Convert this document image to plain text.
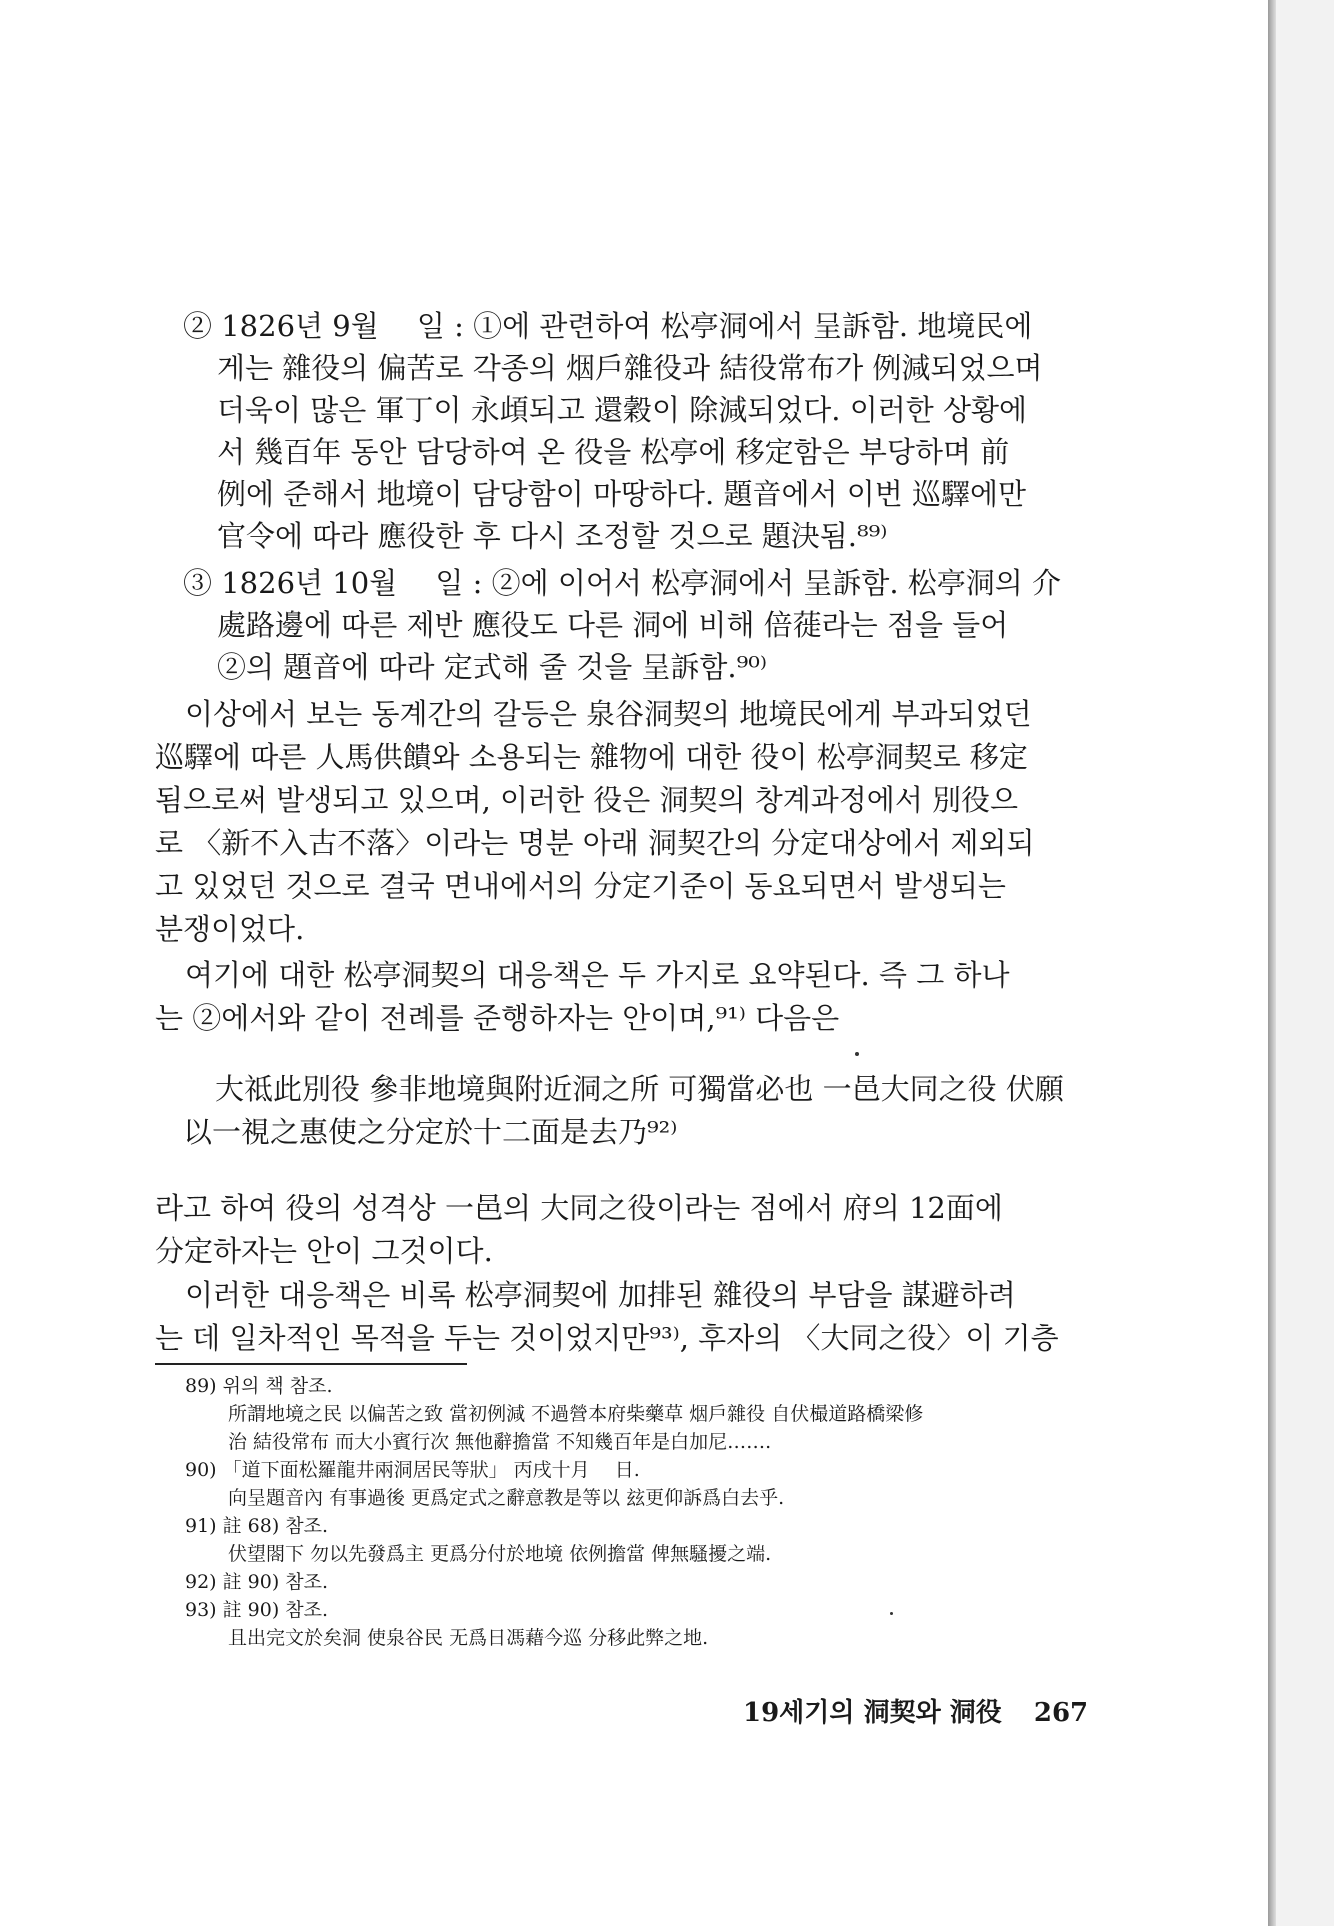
② 1826년 9월 　일 : ①에 관련하여 松亭洞에서 呈訴함. 地境民에
게는 雜役의 偏苦로 각종의 烟戶雜役과 結役常布가 例減되었으며
더욱이 많은 軍丁이 永頉되고 還穀이 除減되었다. 이러한 상황에
서 幾百年 동안 담당하여 온 役을 松亭에 移定함은 부당하며 前
例에 준해서 地境이 담당함이 마땅하다. 題音에서 이번 巡驛에만
官令에 따라 應役한 후 다시 조정할 것으로 題決됨.⁸⁹⁾
③ 1826년 10월 　일 : ②에 이어서 松亭洞에서 呈訴함. 松亭洞의 介
處路邊에 따른 제반 應役도 다른 洞에 비해 倍蓰라는 점을 들어
②의 題音에 따라 定式해 줄 것을 呈訴함.⁹⁰⁾
이상에서 보는 동계간의 갈등은 泉谷洞契의 地境民에게 부과되었던
巡驛에 따른 人馬供饋와 소용되는 雜物에 대한 役이 松亭洞契로 移定
됨으로써 발생되고 있으며, 이러한 役은 洞契의 창계과정에서 別役으
로 〈新不入古不落〉이라는 명분 아래 洞契간의 分定대상에서 제외되
고 있었던 것으로 결국 면내에서의 分定기준이 동요되면서 발생되는
분쟁이었다.
여기에 대한 松亭洞契의 대응책은 두 가지로 요약된다. 즉 그 하나
는 ②에서와 같이 전례를 준행하자는 안이며,⁹¹⁾ 다음은
大祗此別役 參非地境與附近洞之所 可獨當必也 一邑大同之役 伏願
以一視之惠使之分定於十二面是去乃⁹²⁾
라고 하여 役의 성격상 一邑의 大同之役이라는 점에서 府의 12面에
分定하자는 안이 그것이다.
이러한 대응책은 비록 松亭洞契에 加排된 雜役의 부담을 謀避하려
는 데 일차적인 목적을 두는 것이었지만⁹³⁾, 후자의 〈大同之役〉이 기층
89) 위의 책 참조.
所謂地境之民 以偏苦之致 當初例減 不過營本府柴藥草 烟戶雜役 自伏樶道路橋梁修
治 結役常布 而大小賓行次 無他辭擔當 不知幾百年是白加尼…….
90) 「道下面松羅龍井兩洞居民等狀」 丙戌十月 　日.
向呈題音內 有事過後 更爲定式之辭意教是等以 玆更仰訴爲白去乎.
91) 註 68) 참조.
伏望閤下 勿以先發爲主 更爲分付於地境 依例擔當 俾無騷擾之端.
92) 註 90) 참조.
93) 註 90) 참조.
且出完文於矣洞 使泉谷民 无爲日馮藉今巡 分移此弊之地.
19세기의 洞契와 洞役 267
